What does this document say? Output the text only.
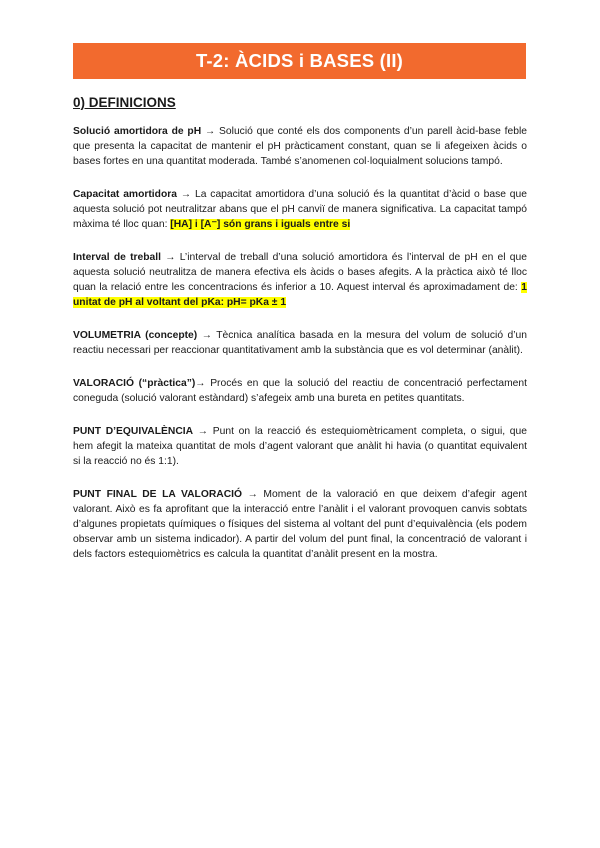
T-2: ÀCIDS i BASES (II)
0) DEFINICIONS

Solució amortidora de pH → Solució que conté els dos components d’un parell àcid-base feble que presenta la capacitat de mantenir el pH pràcticament constant, quan se li afegeixen àcids o bases fortes en una quantitat moderada. També s’anomenen col·loquialment solucions tampó.

Capacitat amortidora → La capacitat amortidora d’una solució és la quantitat d’àcid o base que aquesta solució pot neutralitzar abans que el pH canviï de manera significativa. La capacitat tampó màxima té lloc quan: [HA] i [A⁻] són grans i iguals entre si

Interval de treball → L’interval de treball d’una solució amortidora és l’interval de pH en el que aquesta solució neutralitza de manera efectiva els àcids o bases afegits. A la pràctica això té lloc quan la relació entre les concentracions és inferior a 10. Aquest interval és aproximadament de: 1 unitat de pH al voltant del pKa: pH= pKa ± 1

VOLUMETRIA (concepte) → Tècnica analítica basada en la mesura del volum de solució d’un reactiu necessari per reaccionar quantitativament amb la substància que es vol determinar (anàlit).

VALORACIÓ (“pràctica”)→ Procés en que la solució del reactiu de concentració perfectament coneguda (solució valorant estàndard) s’afegeix amb una bureta en petites quantitats.

PUNT D’EQUIVALÈNCIA → Punt on la reacció és estequiomètricament completa, o sigui, que hem afegit la mateixa quantitat de mols d’agent valorant que anàlit hi havia (o quantitat equivalent si la reacció no és 1:1).

PUNT FINAL DE LA VALORACIÓ → Moment de la valoració en que deixem d’afegir agent valorant. Això es fa aprofitant que la interacció entre l’anàlit i el valorant provoquen canvis sobtats d’algunes propietats químiques o físiques del sistema al voltant del punt d’equivalència (els podem observar amb un sistema indicador). A partir del volum del punt final, la concentració de valorant i dels factors estequiomètrics es calcula la quantitat d’anàlit present en la mostra.
